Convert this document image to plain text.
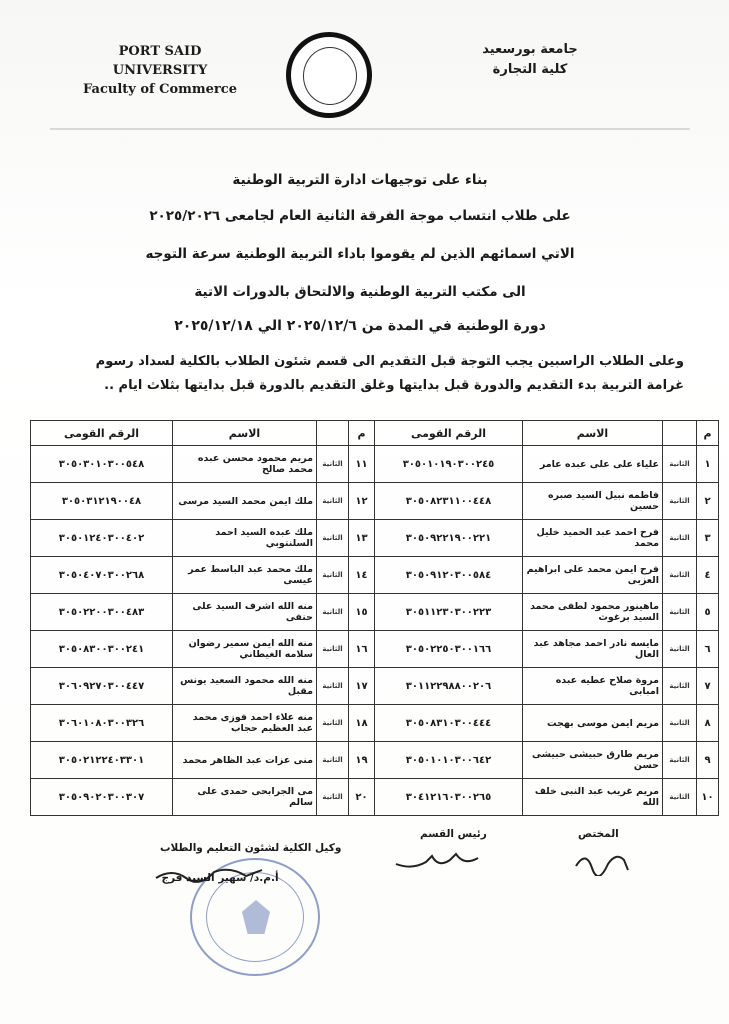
PORT SAID
UNIVERSITY
Faculty of Commerce
جامعة بورسعيد
كلية التجارة
بناء على توجيهات ادارة التربية الوطنية
على طلاب انتساب موجة الفرقة الثانية العام لجامعى ٢٠٢٥/٢٠٢٦
الاتي اسمائهم الذين لم يقوموا باداء التربية الوطنية سرعة التوجه
الى مكتب التربية الوطنية والالتحاق بالدورات الاتية
دورة الوطنية في المدة من ٢٠٢٥/١٢/٦ الي ٢٠٢٥/١٢/١٨
وعلى الطلاب الراسبين يجب التوجة قبل التقديم الى قسم شئون الطلاب بالكلية لسداد رسوم
غرامة التربية بدء التقديم والدورة قبل بدايتها وغلق التقديم بالدورة قبل بدايتها بثلاث ايام ..
م		الاسم	الرقم القومى	م		الاسم	الرقم القومى
١	الثانية	علياء على على عبده عامر	٣٠٥٠١٠١٩٠٣٠٠٢٤٥	١١	الثانية	مريم محمود محسن عبده محمد صالح	٣٠٥٠٣٠١٠٣٠٠٥٤٨
٢	الثانية	فاطمه نبيل السيد صبره حسين	٣٠٥٠٨٢٣١١٠٠٤٤٨	١٢	الثانية	ملك ايمن محمد السيد مرسى	٣٠٥٠٣١٢١٩٠٠٤٨
٣	الثانية	فرح احمد عبد الحميد خليل محمد	٣٠٥٠٩٢٢١٩٠٠٢٢١	١٣	الثانية	ملك عبده السيد احمد السلنتوبي	٣٠٥٠١٢٤٠٣٠٠٤٠٢
٤	الثانية	فرح ايمن محمد على ابراهيم العزبى	٣٠٥٠٩١٢٠٣٠٠٥٨٤	١٤	الثانية	ملك محمد عبد الباسط عمر عيسى	٣٠٥٠٤٠٧٠٣٠٠٢٦٨
٥	الثانية	ماهينور محمود لطفى محمد السيد برغوث	٣٠٥١١٢٣٠٣٠٠٢٢٣	١٥	الثانية	منه الله اشرف السيد على حنفى	٣٠٥٠٢٢٠٠٣٠٠٤٨٣
٦	الثانية	مايسه نادر احمد مجاهد عبد العال	٣٠٥٠٢٢٥٠٣٠٠١٦٦	١٦	الثانية	منه الله ايمن سمير رضوان سلامه الغيطاني	٣٠٥٠٨٣٠٠٣٠٠٢٤١
٧	الثانية	مروة صلاح عطيه عبده امبابى	٣٠١١٢٢٩٨٨٠٠٢٠٦	١٧	الثانية	منه الله محمود السعيد يونس مقبل	٣٠٦٠٩٢٧٠٣٠٠٤٤٧
٨	الثانية	مريم ايمن موسى بهجت	٣٠٥٠٨٣١٠٣٠٠٤٤٤	١٨	الثانية	منه علاء احمد فوزى محمد عبد العظيم حجاب	٣٠٦٠١٠٨٠٣٠٠٣٢٦
٩	الثانية	مريم طارق حبيشى حبيشى حسن	٣٠٥٠١٠١٠٣٠٠٦٤٢	١٩	الثانية	منى عزات عبد الظاهر محمد	٣٠٥٠٢١٢٢٤٠٣٣٠١
١٠	الثانية	مريم غريب عبد النبى خلف الله	٣٠٤١٢١٦٠٣٠٠٢٦٥	٢٠	الثانية	مى الجرابحى حمدى على سالم	٣٠٥٠٩٠٢٠٣٠٠٣٠٧
المختص
رئيس القسم
وكيل الكلية لشئون التعليم والطلاب
أ.م.د/ سهير السيد فرج
